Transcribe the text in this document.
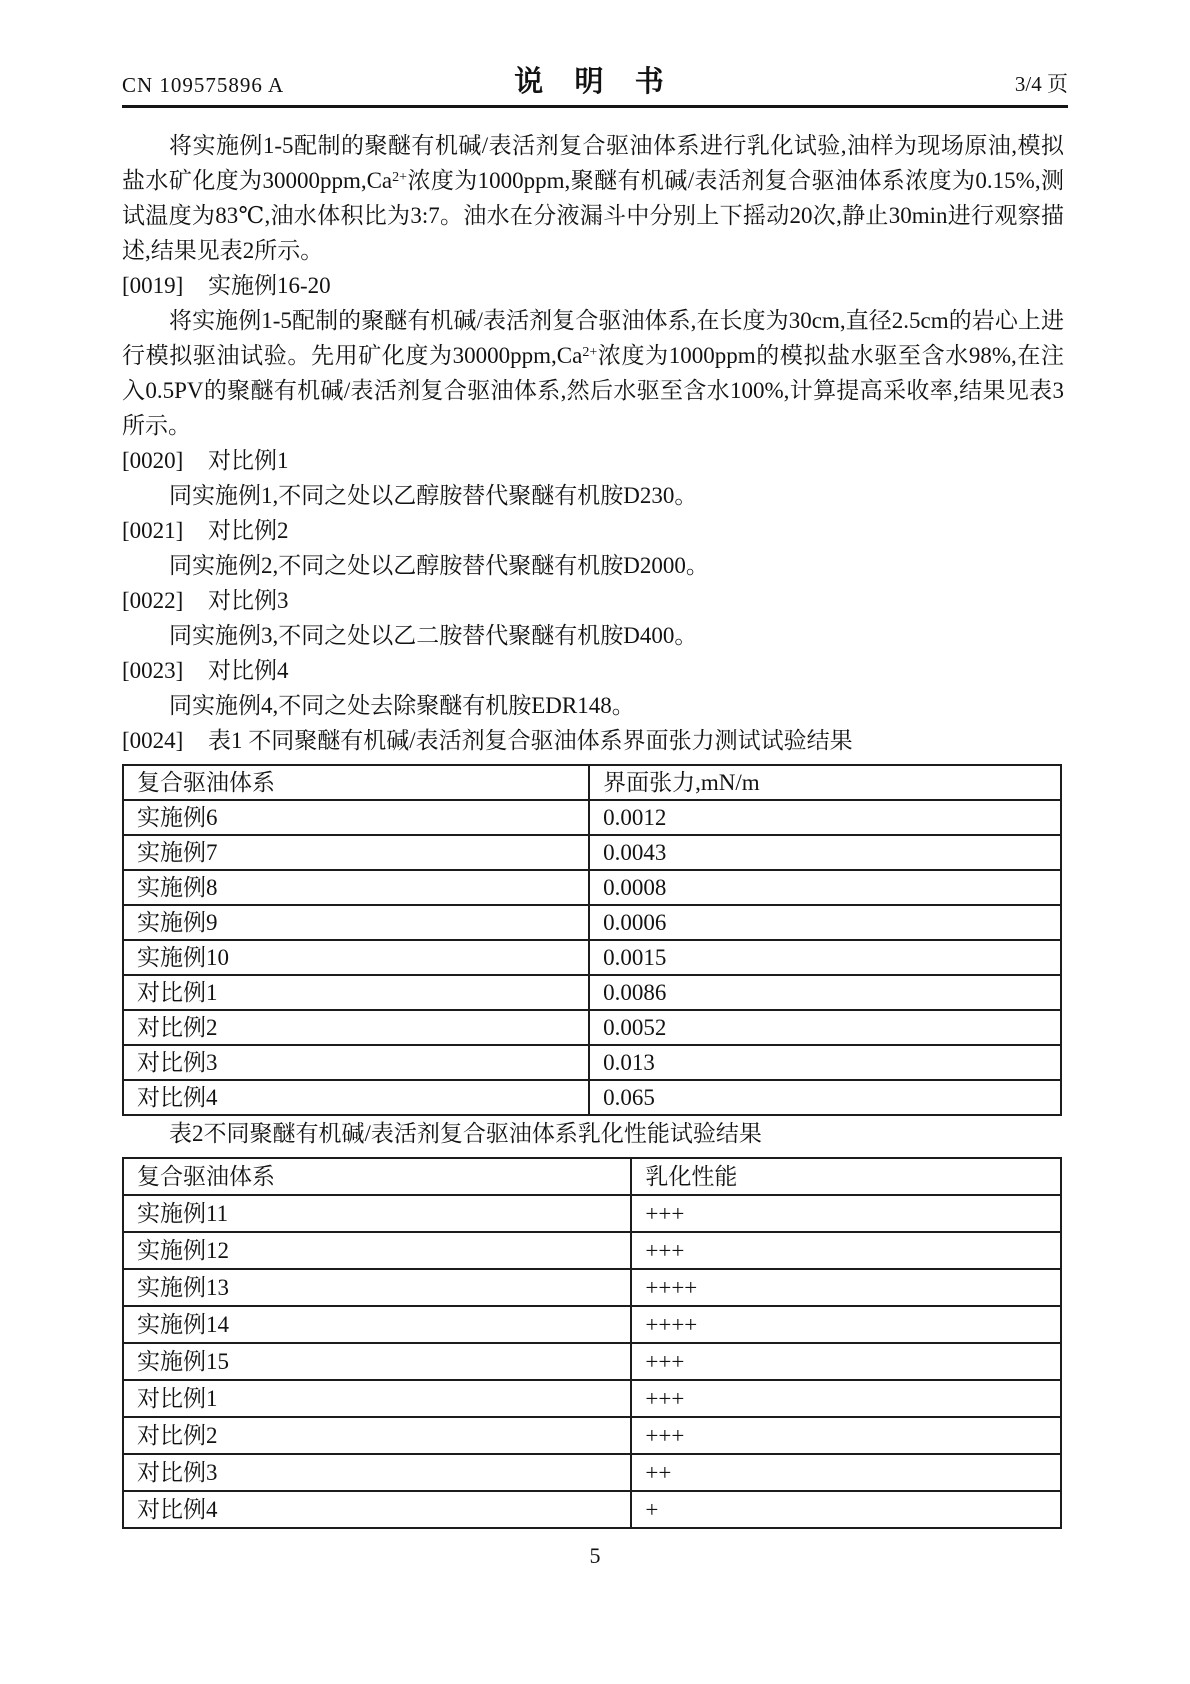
CN 109575896 A	说 明 书	3/4 页
将实施例1-5配制的聚醚有机碱/表活剂复合驱油体系进行乳化试验,油样为现场原油,模拟盐水矿化度为$30000ppm,Ca^{2+}$浓度为1000ppm,聚醚有机碱/表活剂复合驱油体系浓度为0.15%,测试温度为83℃,油水体积比为3:7。油水在分液漏斗中分别上下摇动20次,静止30min进行观察描述,结果见表2所示。
[0019] 实施例16-20
将实施例1-5配制的聚醚有机碱/表活剂复合驱油体系,在长度为30cm,直径2.5cm的岩心上进行模拟驱油试验。先用矿化度为$30000ppm,Ca^{2+}$浓度为1000ppm的模拟盐水驱至含水98%,在注入0.5PV的聚醚有机碱/表活剂复合驱油体系,然后水驱至含水100%,计算提高采收率,结果见表3所示。
[0020] 对比例1
同实施例1,不同之处以乙醇胺替代聚醚有机胺D230。
[0021] 对比例2
同实施例2,不同之处以乙醇胺替代聚醚有机胺D2000。
[0022] 对比例3
同实施例3,不同之处以乙二胺替代聚醚有机胺D400。
[0023] 对比例4
同实施例4,不同之处去除聚醚有机胺EDR148。
[0024] 表1 不同聚醚有机碱/表活剂复合驱油体系界面张力测试试验结果
复合驱油体系	界面张力,mN/m
实施例6	0.0012
实施例7	0.0043
实施例8	0.0008
实施例9	0.0006
实施例10	0.0015
对比例1	0.0086
对比例2	0.0052
对比例3	0.013
对比例4	0.065
表2不同聚醚有机碱/表活剂复合驱油体系乳化性能试验结果
复合驱油体系	乳化性能
实施例11	+++
实施例12	+++
实施例13	++++
实施例14	++++
实施例15	+++
对比例1	+++
对比例2	+++
对比例3	++
对比例4	+
5
